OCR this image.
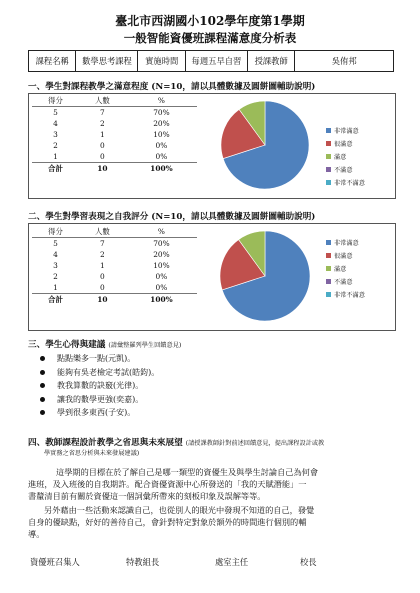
臺北市西湖國小102學年度第1學期
一般智能資優班課程滿意度分析表
課程名稱	數學思考課程	實施時間	每週五早自習	授課教師	吳侑邦
一、學生對課程教學之滿意程度 (N=10，請以具體數據及圓餅圖輔助說明)
得分	人數	%
5	7	70%
4	2	20%
3	1	10%
2	0	0%
1	0	0%
合計	10	100%
非常滿意
很滿意
滿意
不滿意
非常不滿意
二、學生對學習表現之自我評分 (N=10，請以具體數據及圓餅圖輔助說明)
得分	人數	%
5	7	70%
4	2	20%
3	1	10%
2	0	0%
1	0	0%
合計	10	100%
非常滿意
很滿意
滿意
不滿意
非常不滿意
三、學生心得與建議 (請彙整羅列學生回饋意見)
點點樂多一點(元凱)。
能夠有吳老檢定考試(皓鈞)。
教我算數的訣竅(光律)。
讓我的數學更強(奕嘉)。
學到很多東西(子安)。
四、教師課程設計教學之省思與未來展望 (請授課教師針對前述回饋意見，提出課程設計或教
學實務之省思分析與未來發展建議)
這學期的目標在於了解自己是哪一類型的資優生及與學生討論自己為何會
進班，及入班後的自我期許。配合資優資源中心所發送的「我的天賦潛能」一
書釐清目前有關於資優這一個詞彙所帶來的刻板印象及誤解等等。
另外藉由一些活動來認識自己，也從別人的眼光中發現不知道的自己，發覺
自身的優缺點，好好的善待自己，會針對特定對象於額外的時間進行個別的輔
導。
資優班召集人	特教組長	處室主任	校長
